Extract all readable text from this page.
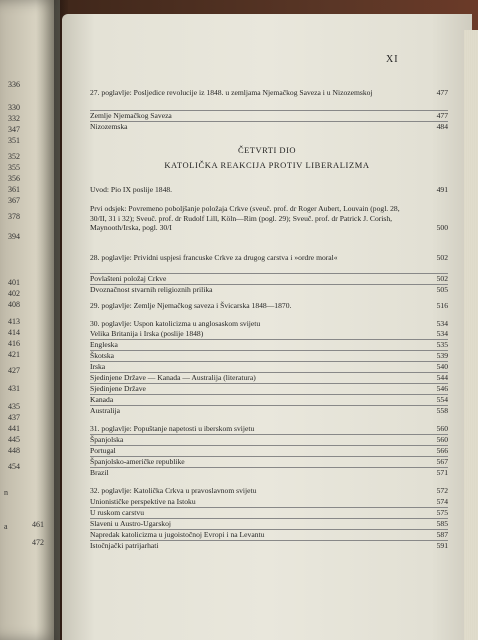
336
330
332
347
351
352
355
356
361
367
378
394
401
402
408
413
414
416
421
427
431
435
437
441
445
448
454
n
461
a
472
XI
27. poglavlje: Posljedice revolucije iz 1848. u zemljama Njemačkog Saveza i u Nizozemskoj	477
Zemlje Njemačkog Saveza	477
Nizozemska	484
ČETVRTI DIO
KATOLIČKA REAKCIJA PROTIV LIBERALIZMA
Uvod: Pio IX poslije 1848.	491
Prvi odsjek: Povremeno poboljšanje položaja Crkve (sveuč. prof. dr Roger Aubert, Louvain (pogl. 28, 30/II, 31 i 32); Sveuč. prof. dr Rudolf Lill, Köln—Rim (pogl. 29); Sveuč. prof. dr Patrick J. Corish, Maynooth/Irska, pogl. 30/I	500
28. poglavlje: Prividni uspjesi francuske Crkve za drugog carstva i »ordre moral«	502
Povlašteni položaj Crkve	502
Dvoznačnost stvarnih religioznih prilika	505
29. poglavlje: Zemlje Njemačkog saveza i Švicarska 1848—1870.	516
30. poglavlje: Uspon katolicizma u anglosaskom svijetu	534
Velika Britanija i Irska (poslije 1848)	534
Engleska	535
Škotska	539
Irska	540
Sjedinjene Države — Kanada — Australija (literatura)	544
Sjedinjene Države	546
Kanada	554
Australija	558
31. poglavlje: Popuštanje napetosti u iberskom svijetu	560
Španjolska	560
Portugal	566
Španjolsko-američke republike	567
Brazil	571
32. poglavlje: Katolička Crkva u pravoslavnom svijetu	572
Unionističke perspektive na Istoku	574
U ruskom carstvu	575
Slaveni u Austro-Ugarskoj	585
Napredak katolicizma u jugoistočnoj Evropi i na Levantu	587
Istočnjački patrijarhati	591
